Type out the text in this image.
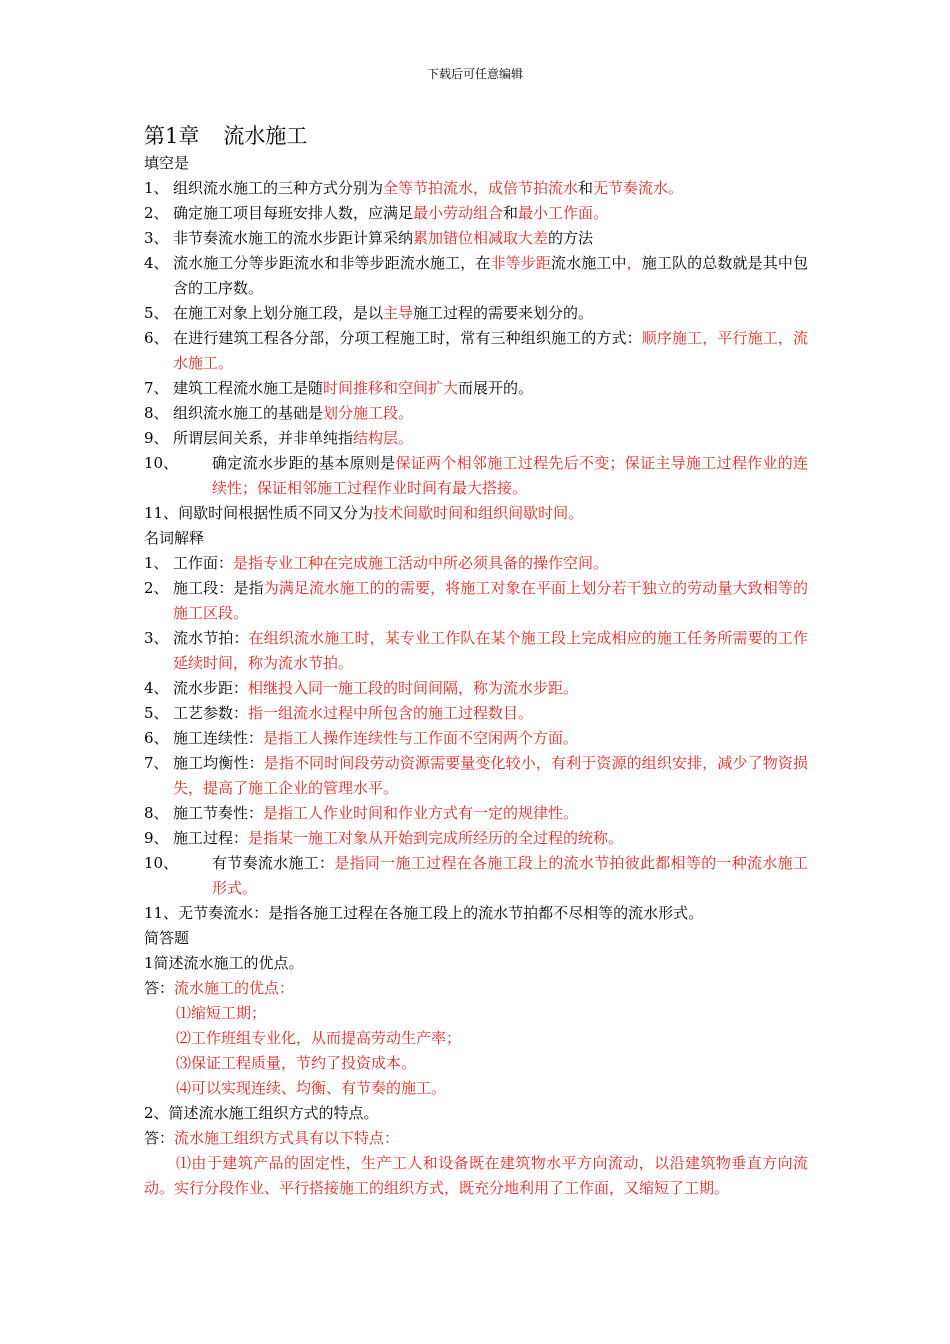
下载后可任意编辑
第1章 流水施工
填空是
1、 组织流水施工的三种方式分别为全等节拍流水，成倍节拍流水和无节奏流水。
2、 确定施工项目每班安排人数，应满足最小劳动组合和最小工作面。
3、 非节奏流水施工的流水步距计算采纳累加错位相减取大差的方法
4、 流水施工分等步距流水和非等步距流水施工，在非等步距流水施工中，施工队的总数就是其中包含的工序数。
5、 在施工对象上划分施工段，是以主导施工过程的需要来划分的。
6、 在进行建筑工程各分部，分项工程施工时，常有三种组织施工的方式：顺序施工，平行施工，流水施工。
7、 建筑工程流水施工是随时间推移和空间扩大而展开的。
8、 组织流水施工的基础是划分施工段。
9、 所谓层间关系，并非单纯指结构层。
10、	确定流水步距的基本原则是保证两个相邻施工过程先后不变；保证主导施工过程作业的连续性；保证相邻施工过程作业时间有最大搭接。
11、 间歇时间根据性质不同又分为技术间歇时间和组织间歇时间。
名词解释
1、 工作面：是指专业工种在完成施工活动中所必须具备的操作空间。
2、 施工段：是指为满足流水施工的的需要，将施工对象在平面上划分若干独立的劳动量大致相等的施工区段。
3、 流水节拍：在组织流水施工时，某专业工作队在某个施工段上完成相应的施工任务所需要的工作延续时间，称为流水节拍。
4、 流水步距：相继投入同一施工段的时间间隔，称为流水步距。
5、 工艺参数：指一组流水过程中所包含的施工过程数目。
6、 施工连续性：是指工人操作连续性与工作面不空闲两个方面。
7、 施工均衡性：是指不同时间段劳动资源需要量变化较小，有利于资源的组织安排，减少了物资损失，提高了施工企业的管理水平。
8、 施工节奏性：是指工人作业时间和作业方式有一定的规律性。
9、 施工过程：是指某一施工对象从开始到完成所经历的全过程的统称。
10、	有节奏流水施工：是指同一施工过程在各施工段上的流水节拍彼此都相等的一种流水施工形式。
11、 无节奏流水：是指各施工过程在各施工段上的流水节拍都不尽相等的流水形式。
简答题
1简述流水施工的优点。
答：流水施工的优点：
⑴缩短工期；
⑵工作班组专业化，从而提高劳动生产率；
⑶保证工程质量，节约了投资成本。
⑷可以实现连续、均衡、有节奏的施工。
2、简述流水施工组织方式的特点。
答：流水施工组织方式具有以下特点：
⑴由于建筑产品的固定性，生产工人和设备既在建筑物水平方向流动，以沿建筑物垂直方向流动。实行分段作业、平行搭接施工的组织方式，既充分地利用了工作面，又缩短了工期。
